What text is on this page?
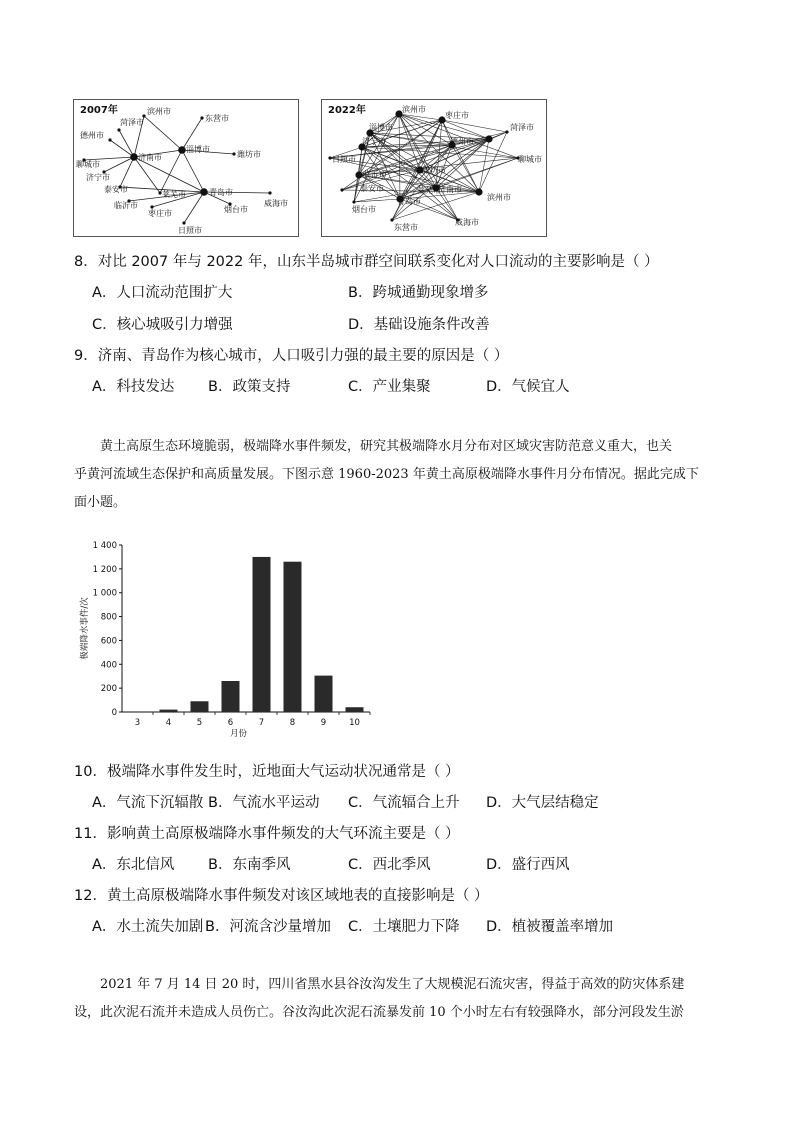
2007年	滨州市
东营市
菏泽市
德州市
聊城市
济南市
淄博市
潍坊市
济宁市
泰安市
临沂市
莱芜市
枣庄市
青岛市
烟台市
威海市
日照市
2022年	滨州市
枣庄市
菏泽市
淄博市
济宁市	德州市
聊城市
日照市
临沂市
泰安市
潍坊市
莱芜市
滨州市
青岛市
济南市
烟台市
东营市
威海市
8．对比 2007 年与 2022 年，山东半岛城市群空间联系变化对人口流动的主要影响是（ ）
A．人口流动范围扩大	B．跨城通勤现象增多
C．核心城吸引力增强	D．基础设施条件改善
9．济南、青岛作为核心城市，人口吸引力强的最主要的原因是（ ）
A．科技发达 B．政策支持	C．产业集聚	D．气候宜人
黄土高原生态环境脆弱，极端降水事件频发，研究其极端降水月分布对区域灾害防范意义重大，也关
乎黄河流域生态保护和高质量发展。下图示意 1960-2023 年黄土高原极端降水事件月分布情况。据此完成下
面小题。
0
200
400
600
800
1 000
1 200
1 400
3	4	5	6	7	8	9	10
月份
极端降水事件/次
10．极端降水事件发生时，近地面大气运动状况通常是（ ）
A．气流下沉辐散 B．气流水平运动 C．气流辐合上升 D．大气层结稳定
11．影响黄土高原极端降水事件频发的大气环流主要是（ ）
A．东北信风 B．东南季风	C．西北季风	D．盛行西风
12．黄土高原极端降水事件频发对该区域地表的直接影响是（ ）
A．水土流失加剧 B．河流含沙量增加 C．土壤肥力下降 D．植被覆盖率增加
2021 年 7 月 14 日 20 时，四川省黑水县谷汝沟发生了大规模泥石流灾害，得益于高效的防灾体系建
设，此次泥石流并未造成人员伤亡。谷汝沟此次泥石流暴发前 10 个小时左右有较强降水，部分河段发生淤
